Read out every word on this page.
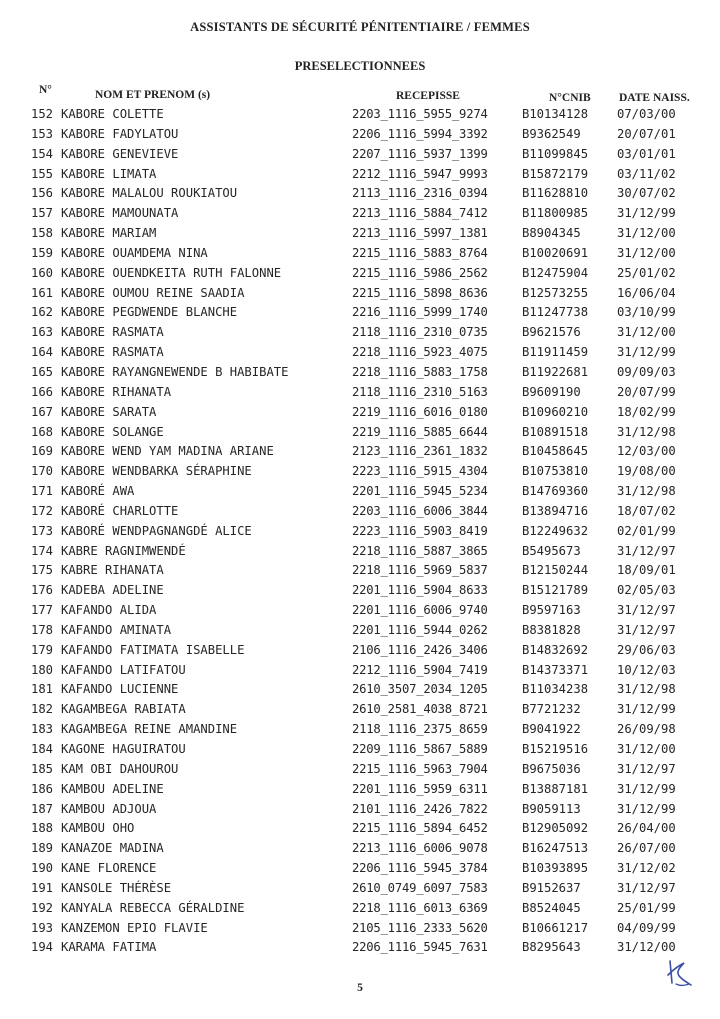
ASSISTANTS DE SÉCURITÉ PÉNITENTIAIRE / FEMMES
PRESELECTIONNEES
N°	NOM ET PRENOM (s)	RECEPISSE	N°CNIB DATE NAISS.
152 KABORE COLETTE	2203_1116_5955_9274	B10134128 07/03/00
153 KABORE FADYLATOU	2206_1116_5994_3392	B9362549	20/07/01
154 KABORE GENEVIEVE	2207_1116_5937_1399	B11099845 03/01/01
155 KABORE LIMATA	2212_1116_5947_9993	B15872179 03/11/02
156 KABORE MALALOU ROUKIATOU	2113_1116_2316_0394	B11628810 30/07/02
157 KABORE MAMOUNATA	2213_1116_5884_7412	B11800985 31/12/99
158 KABORE MARIAM	2213_1116_5997_1381	B8904345	31/12/00
159 KABORE OUAMDEMA NINA	2215_1116_5883_8764	B10020691 31/12/00
160 KABORE OUENDKEITA RUTH FALONNE	2215_1116_5986_2562	B12475904 25/01/02
161 KABORE OUMOU REINE SAADIA	2215_1116_5898_8636	B12573255 16/06/04
162 KABORE PEGDWENDE BLANCHE	2216_1116_5999_1740	B11247738 03/10/99
163 KABORE RASMATA	2118_1116_2310_0735	B9621576	31/12/00
164 KABORE RASMATA	2218_1116_5923_4075	B11911459 31/12/99
165 KABORE RAYANGNEWENDE B HABIBATE	2218_1116_5883_1758	B11922681 09/09/03
166 KABORE RIHANATA	2118_1116_2310_5163	B9609190	20/07/99
167 KABORE SARATA	2219_1116_6016_0180	B10960210 18/02/99
168 KABORE SOLANGE	2219_1116_5885_6644	B10891518 31/12/98
169 KABORE WEND YAM MADINA ARIANE	2123_1116_2361_1832	B10458645 12/03/00
170 KABORE WENDBARKA SÉRAPHINE	2223_1116_5915_4304	B10753810 19/08/00
171 KABORÉ AWA	2201_1116_5945_5234	B14769360 31/12/98
172 KABORÉ CHARLOTTE	2203_1116_6006_3844	B13894716 18/07/02
173 KABORÉ WENDPAGNANGDÉ ALICE	2223_1116_5903_8419	B12249632 02/01/99
174 KABRE RAGNIMWENDÉ	2218_1116_5887_3865	B5495673	31/12/97
175 KABRE RIHANATA	2218_1116_5969_5837	B12150244 18/09/01
176 KADEBA ADELINE	2201_1116_5904_8633	B15121789 02/05/03
177 KAFANDO ALIDA	2201_1116_6006_9740	B9597163	31/12/97
178 KAFANDO AMINATA	2201_1116_5944_0262	B8381828	31/12/97
179 KAFANDO FATIMATA ISABELLE	2106_1116_2426_3406	B14832692 29/06/03
180 KAFANDO LATIFATOU	2212_1116_5904_7419	B14373371 10/12/03
181 KAFANDO LUCIENNE	2610_3507_2034_1205	B11034238 31/12/98
182 KAGAMBEGA RABIATA	2610_2581_4038_8721	B7721232	31/12/99
183 KAGAMBEGA REINE AMANDINE	2118_1116_2375_8659	B9041922	26/09/98
184 KAGONE HAGUIRATOU	2209_1116_5867_5889	B15219516 31/12/00
185 KAM OBI DAHOUROU	2215_1116_5963_7904	B9675036	31/12/97
186 KAMBOU ADELINE	2201_1116_5959_6311	B13887181 31/12/99
187 KAMBOU ADJOUA	2101_1116_2426_7822	B9059113	31/12/99
188 KAMBOU OHO	2215_1116_5894_6452	B12905092 26/04/00
189 KANAZOE MADINA	2213_1116_6006_9078	B16247513 26/07/00
190 KANE FLORENCE	2206_1116_5945_3784	B10393895 31/12/02
191 KANSOLE THÉRÈSE	2610_0749_6097_7583	B9152637	31/12/97
192 KANYALA REBECCA GÉRALDINE	2218_1116_6013_6369	B8524045	25/01/99
193 KANZEMON EPIO FLAVIE	2105_1116_2333_5620	B10661217 04/09/99
194 KARAMA FATIMA	2206_1116_5945_7631	B8295643	31/12/00
5
